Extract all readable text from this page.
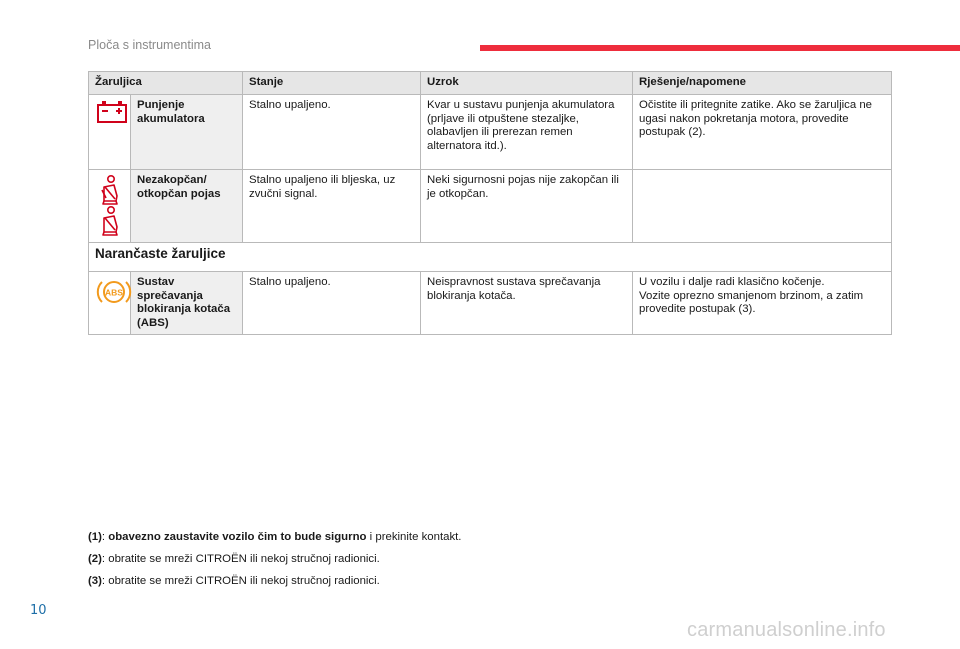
Ploča s instrumentima
Žaruljica		Stanje	Uzrok	Rješenje/napomene

	Punjenje akumulatora	Stalno upaljeno.	Kvar u sustavu punjenja akumulatora (prljave ili otpuštene stezaljke, olabavljen ili prerezan remen alternatora itd.).	Očistite ili pritegnite zatike. Ako se žaruljica ne ugasi nakon pokretanja motora, provedite postupak (2).

	Nezakopčan/ otkopčan pojas	Stalno upaljeno ili bljeska, uz zvučni signal.	Neki sigurnosni pojas nije zakopčan ili je otkopčan.	
Narančaste žaruljice				

ABS	Sustav sprečavanja blokiranja kotača (ABS)	Stalno upaljeno.	Neispravnost sustava sprečavanja blokiranja kotača.	U vozilu i dalje radi klasično kočenje.
Vozite oprezno smanjenom brzinom, a zatim provedite postupak (3).

(1): obavezno zaustavite vozilo čim to bude sigurno i prekinite kontakt.

(2): obratite se mreži CITROËN ili nekoj stručnoj radionici.

(3): obratite se mreži CITROËN ili nekoj stručnoj radionici.

10
carmanualsonline.info
